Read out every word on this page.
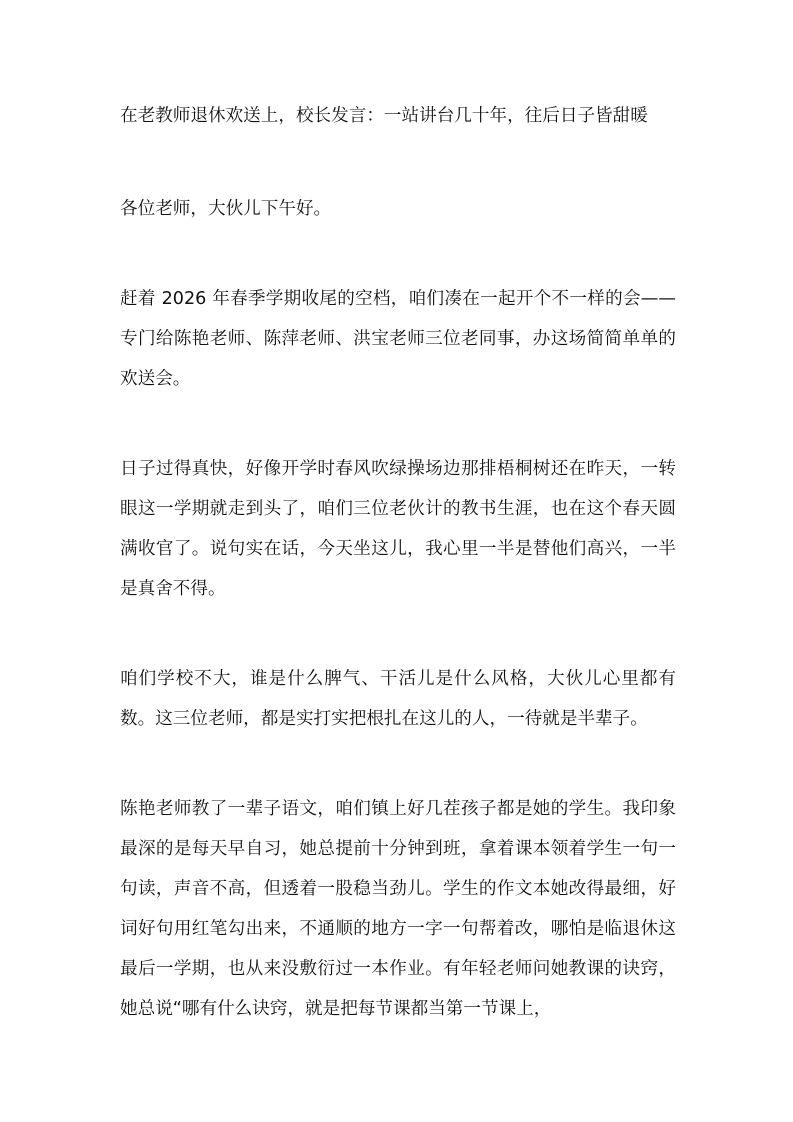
在老教师退休欢送上，校长发言：一站讲台几十年，往后日子皆甜暖

各位老师，大伙儿下午好。

赶着 2026 年春季学期收尾的空档，咱们凑在一起开个不一样的会——专门给陈艳老师、陈萍老师、洪宝老师三位老同事，办这场简简单单的欢送会。

日子过得真快，好像开学时春风吹绿操场边那排梧桐树还在昨天，一转眼这一学期就走到头了，咱们三位老伙计的教书生涯，也在这个春天圆满收官了。说句实在话，今天坐这儿，我心里一半是替他们高兴，一半是真舍不得。

咱们学校不大，谁是什么脾气、干活儿是什么风格，大伙儿心里都有数。这三位老师，都是实打实把根扎在这儿的人，一待就是半辈子。

陈艳老师教了一辈子语文，咱们镇上好几茬孩子都是她的学生。我印象最深的是每天早自习，她总提前十分钟到班，拿着课本领着学生一句一句读，声音不高，但透着一股稳当劲儿。学生的作文本她改得最细，好词好句用红笔勾出来，不通顺的地方一字一句帮着改，哪怕是临退休这最后一学期，也从来没敷衍过一本作业。有年轻老师问她教课的诀窍，她总说“哪有什么诀窍，就是把每节课都当第一节课上，
